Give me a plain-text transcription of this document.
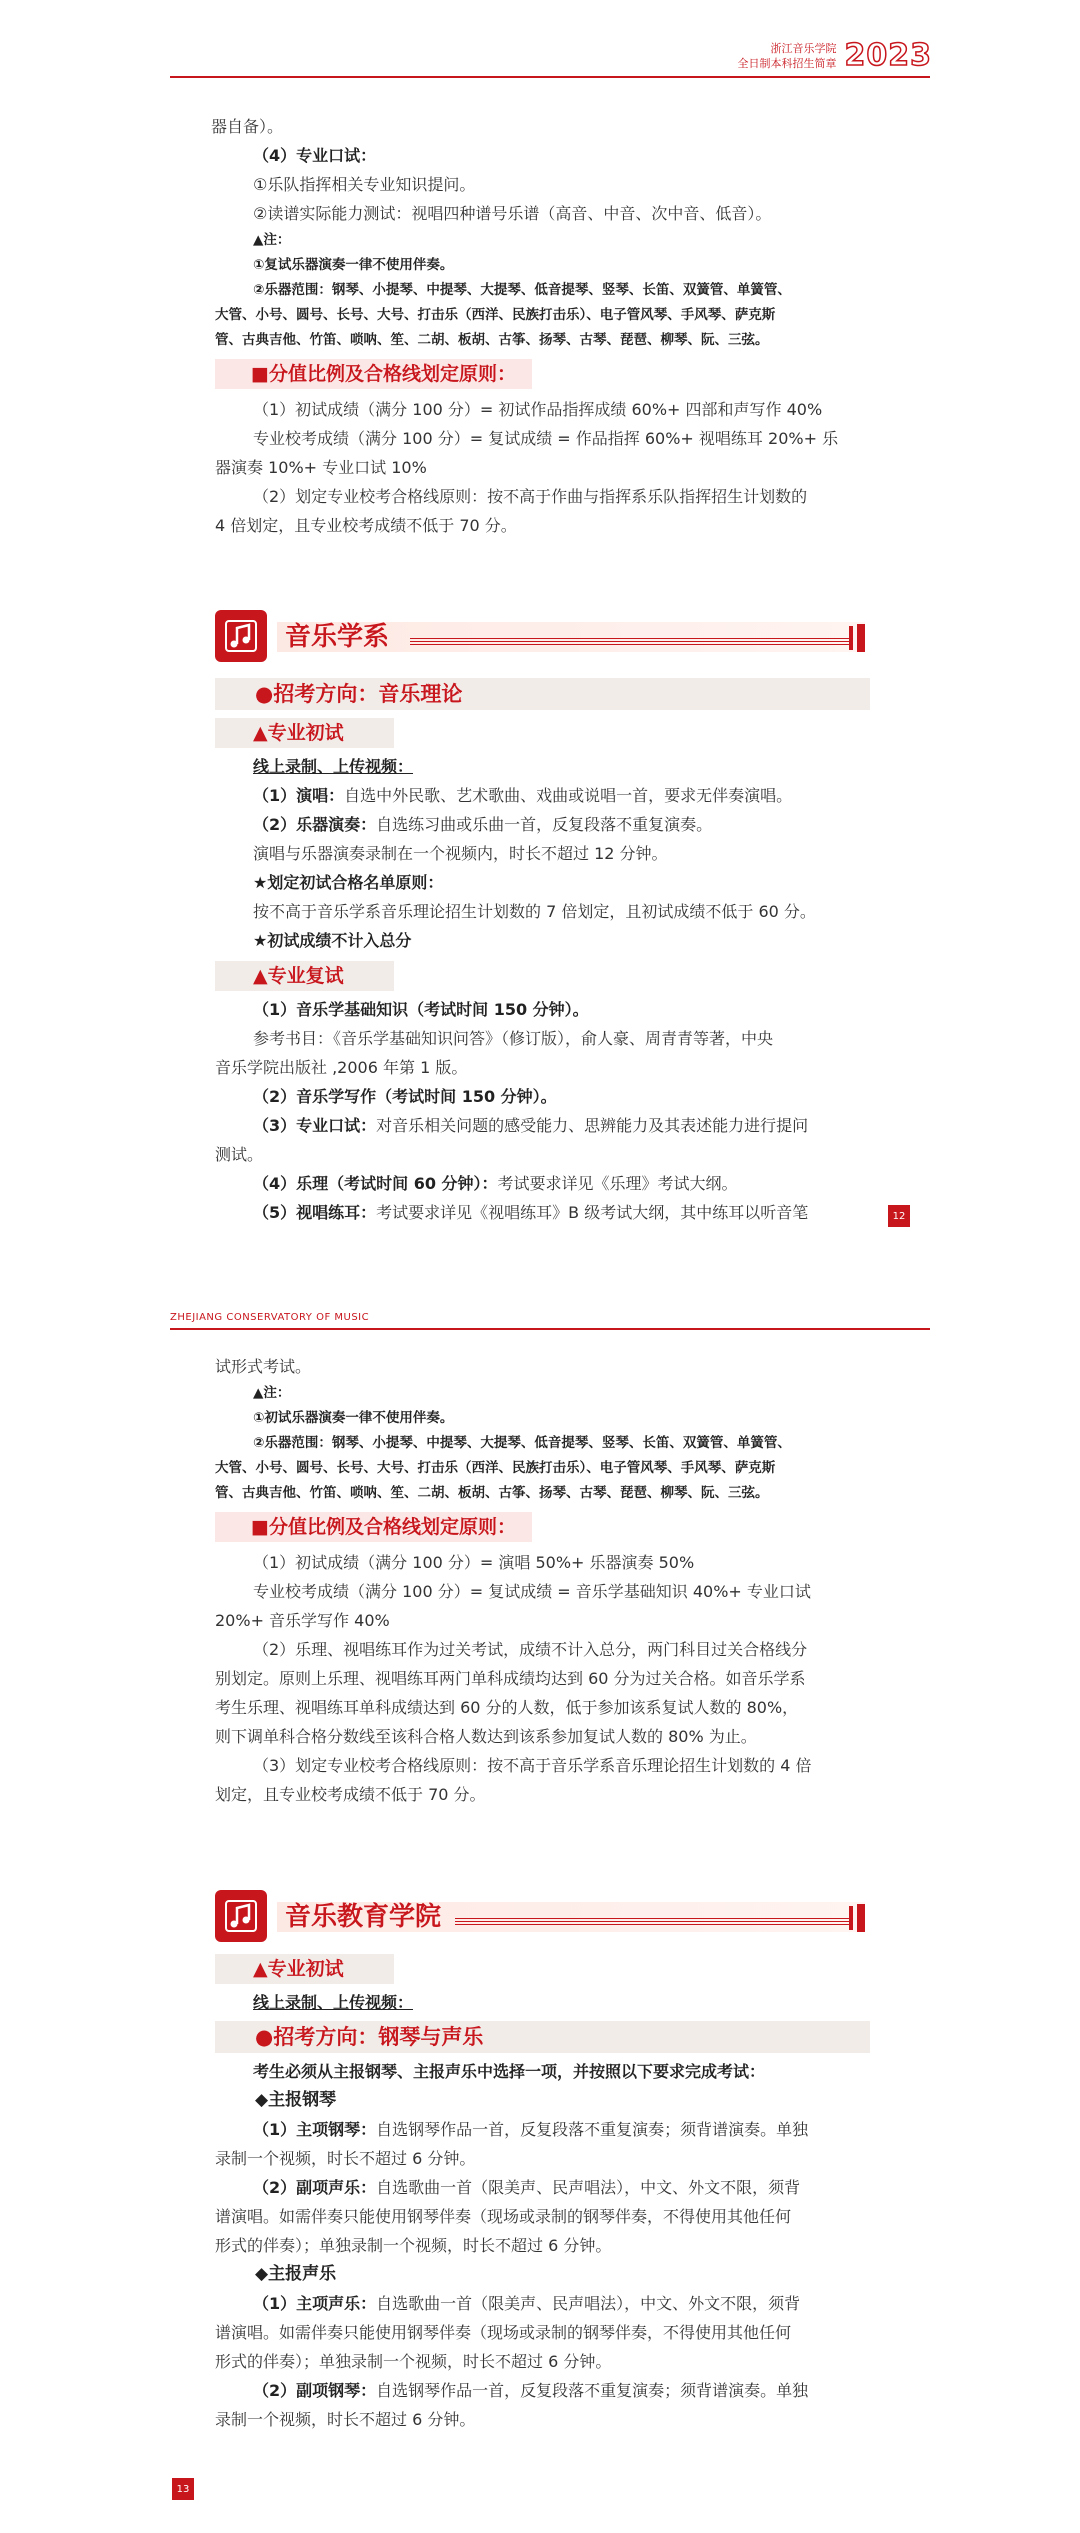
浙江音乐学院
全日制本科招生简章 2023

器自备）。

（4）专业口试：

①乐队指挥相关专业知识提问。

②读谱实际能力测试：视唱四种谱号乐谱（高音、中音、次中音、低音）。

▲注：

①复试乐器演奏一律不使用伴奏。

②乐器范围：钢琴、小提琴、中提琴、大提琴、低音提琴、竖琴、长笛、双簧管、单簧管、

大管、小号、圆号、长号、大号、打击乐（西洋、民族打击乐）、电子管风琴、手风琴、萨克斯

管、古典吉他、竹笛、唢呐、笙、二胡、板胡、古筝、扬琴、古琴、琵琶、柳琴、阮、三弦。

■分值比例及合格线划定原则：

（1）初试成绩（满分 100 分）= 初试作品指挥成绩 60%+ 四部和声写作 40%

专业校考成绩（满分 100 分）= 复试成绩 = 作品指挥 60%+ 视唱练耳 20%+ 乐

器演奏 10%+ 专业口试 10%

（2）划定专业校考合格线原则：按不高于作曲与指挥系乐队指挥招生计划数的

4 倍划定，且专业校考成绩不低于 70 分。

音乐学系
●招考方向：音乐理论
▲专业初试

线上录制、上传视频：

（1）演唱：自选中外民歌、艺术歌曲、戏曲或说唱一首，要求无伴奏演唱。

（2）乐器演奏：自选练习曲或乐曲一首，反复段落不重复演奏。

演唱与乐器演奏录制在一个视频内，时长不超过 12 分钟。

★划定初试合格名单原则：

按不高于音乐学系音乐理论招生计划数的 7 倍划定，且初试成绩不低于 60 分。

★初试成绩不计入总分

▲专业复试

（1）音乐学基础知识（考试时间 150 分钟）。

参考书目：《音乐学基础知识问答》（修订版），俞人豪、周青青等著，中央

音乐学院出版社 ,2006 年第 1 版。

（2）音乐学写作（考试时间 150 分钟）。

（3）专业口试：对音乐相关问题的感受能力、思辨能力及其表述能力进行提问

测试。

（4）乐理（考试时间 60 分钟）：考试要求详见《乐理》考试大纲。

（5）视唱练耳：考试要求详见《视唱练耳》B 级考试大纲，其中练耳以听音笔	12
ZHEJIANG CONSERVATORY OF MUSIC

试形式考试。

▲注：

①初试乐器演奏一律不使用伴奏。

②乐器范围：钢琴、小提琴、中提琴、大提琴、低音提琴、竖琴、长笛、双簧管、单簧管、

大管、小号、圆号、长号、大号、打击乐（西洋、民族打击乐）、电子管风琴、手风琴、萨克斯

管、古典吉他、竹笛、唢呐、笙、二胡、板胡、古筝、扬琴、古琴、琵琶、柳琴、阮、三弦。

■分值比例及合格线划定原则：

（1）初试成绩（满分 100 分）= 演唱 50%+ 乐器演奏 50%

专业校考成绩（满分 100 分）= 复试成绩 = 音乐学基础知识 40%+ 专业口试

20%+ 音乐学写作 40%

（2）乐理、视唱练耳作为过关考试，成绩不计入总分，两门科目过关合格线分

别划定。原则上乐理、视唱练耳两门单科成绩均达到 60 分为过关合格。如音乐学系

考生乐理、视唱练耳单科成绩达到 60 分的人数，低于参加该系复试人数的 80%，

则下调单科合格分数线至该科合格人数达到该系参加复试人数的 80% 为止。

（3）划定专业校考合格线原则：按不高于音乐学系音乐理论招生计划数的 4 倍

划定，且专业校考成绩不低于 70 分。

音乐教育学院
▲专业初试

线上录制、上传视频：

●招考方向：钢琴与声乐

考生必须从主报钢琴、主报声乐中选择一项，并按照以下要求完成考试：

◆主报钢琴

（1）主项钢琴：自选钢琴作品一首，反复段落不重复演奏；须背谱演奏。单独

录制一个视频，时长不超过 6 分钟。

（2）副项声乐：自选歌曲一首（限美声、民声唱法），中文、外文不限，须背

谱演唱。如需伴奏只能使用钢琴伴奏（现场或录制的钢琴伴奏，不得使用其他任何

形式的伴奏）；单独录制一个视频，时长不超过 6 分钟。

◆主报声乐

（1）主项声乐：自选歌曲一首（限美声、民声唱法），中文、外文不限，须背

谱演唱。如需伴奏只能使用钢琴伴奏（现场或录制的钢琴伴奏，不得使用其他任何

形式的伴奏）；单独录制一个视频，时长不超过 6 分钟。

（2）副项钢琴：自选钢琴作品一首，反复段落不重复演奏；须背谱演奏。单独

录制一个视频，时长不超过 6 分钟。

13
